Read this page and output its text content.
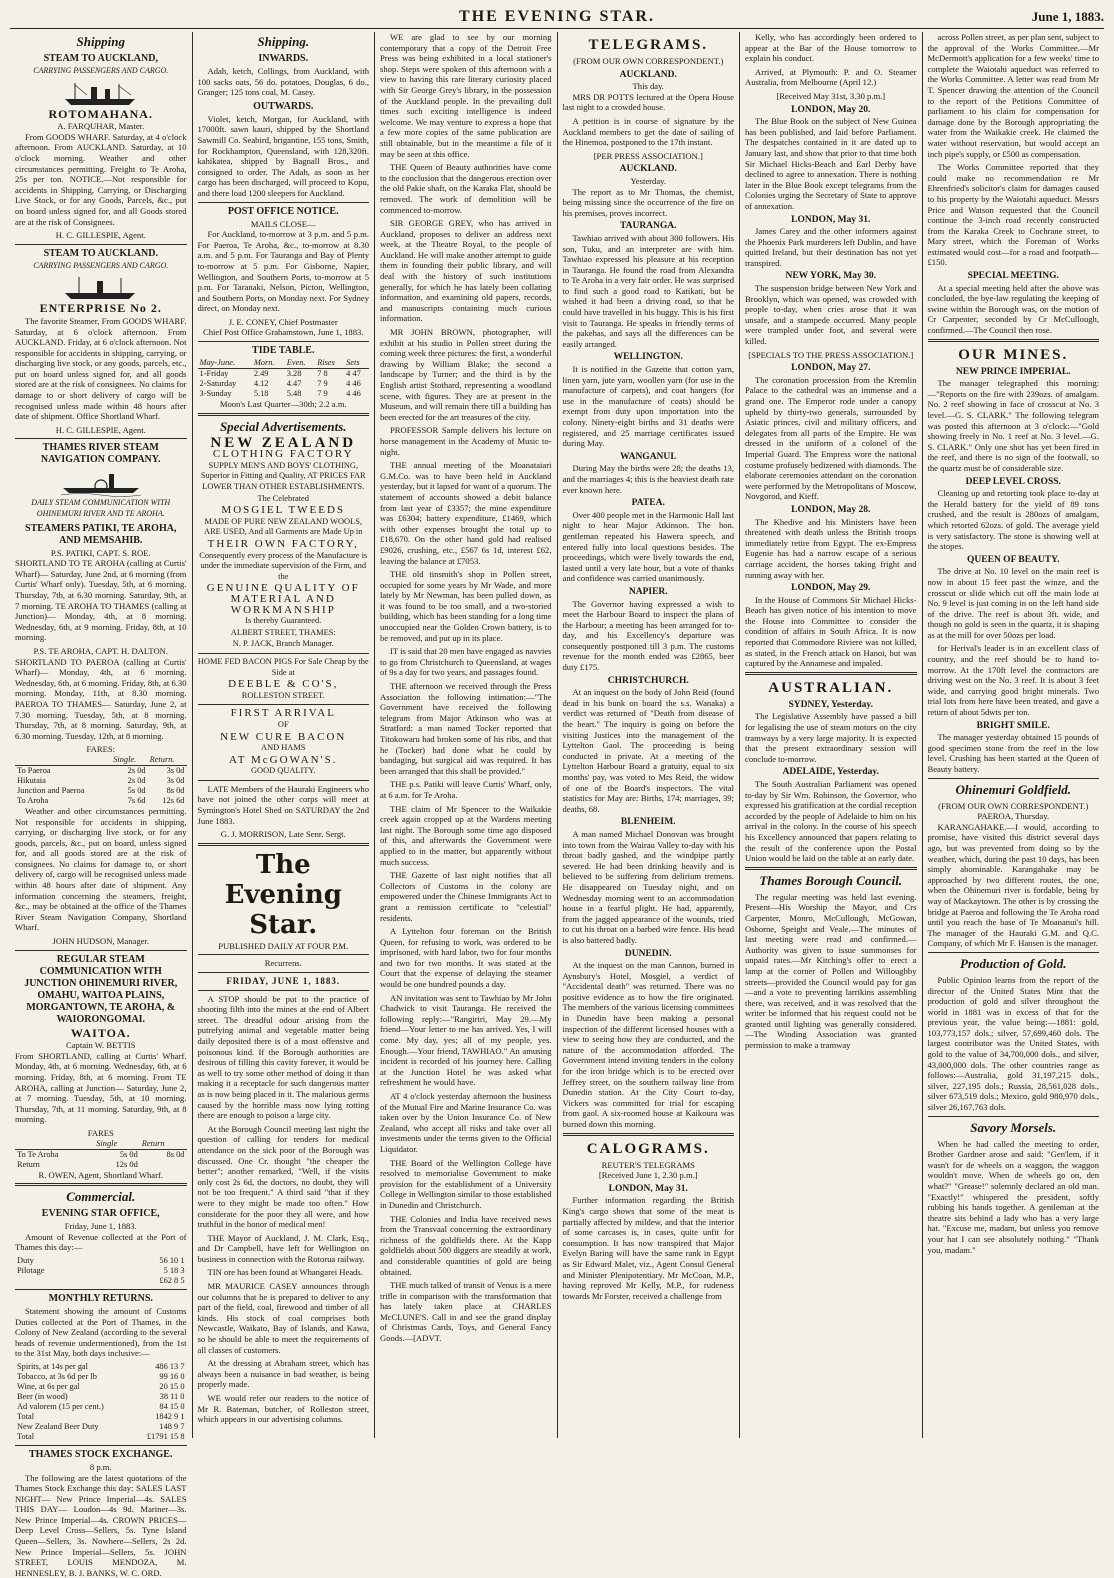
THE EVENING STAR.	June 1, 1883.
Shipping
STEAM TO AUCKLAND,
CARRYING PASSENGERS AND CARGO.
ROTOMAHANA.
A. FARQUHAR, Master.

From GOODS WHARF. Saturday, at 4 o'clock afternoon. From AUCKLAND. Saturday, at 10 o'clock morning. Weather and other circumstances permitting. Freight to Te Aroha, 25s per ton. NOTICE.—Not responsible for accidents in Shipping, Carrying, or Discharging Live Stock, or for any Goods, Parcels, &c., put on board unless signed for, and all Goods stored are at the risk of Consignees.

H. C. GILLESPIE, Agent.
STEAM TO AUCKLAND.
CARRYING PASSENGERS AND CARGO.
ENTERPRISE No 2.

The favorite Steamer, From GOODS WHARF. Saturday, at 6 o'clock afternoon. From AUCKLAND. Friday, at 6 o'clock afternoon. Not responsible for accidents in shipping, carrying, or discharging live stock, or any goods, parcels, etc., put on board unless signed for, and all goods stored are at the risk of consignees. No claims for damage to or short delivery of cargo will be recognised unless made within 48 hours after date of shipment. Office Shortland Wharf.

H. C. GILLESPIE, Agent.
THAMES RIVER STEAM NAVIGATION COMPANY.
DAILY STEAM COMMUNICATION WITH OHINEMURI RIVER AND TE AROHA.
STEAMERS PATIKI, TE AROHA, AND MEMSAHIB.
P.S. PATIKI, CAPT. S. ROE.

SHORTLAND TO TE AROHA (calling at Curtis' Wharf)— Saturday, June 2nd, at 6 morning (from Curtis' Wharf only). Tuesday, 5th, at 6 morning. Thursday, 7th, at 6.30 morning. Saturday, 9th, at 7 morning. TE AROHA TO THAMES (calling at Junction)— Monday, 4th, at 8 morning. Wednesday, 6th, at 9 morning. Friday, 8th, at 10 morning.

P.S. TE AROHA, CAPT. H. DALTON.

SHORTLAND TO PAEROA (calling at Curtis' Wharf)— Monday, 4th, at 6 morning. Wednesday, 6th, at 6 morning. Friday, 8th, at 6.30 morning. Monday, 11th, at 8.30 morning. PAEROA TO THAMES— Saturday, June 2, at 7.30 morning. Tuesday, 5th, at 8 morning. Thursday, 7th, at 8 morning. Saturday, 9th, at 6.30 morning. Tuesday, 12th, at 8 morning.

FARES:
	Single.	Return.
To Paeroa	2s 0d	3s 0d
Hikutaia	2s 0d	3s 0d
Junction and Paeroa	5s 0d	8s 0d
To Aroha	7s 6d	12s 6d

Weather and other circumstances permitting. Not responsible for accidents in shipping, carrying, or discharging live stock, or for any goods, parcels, &c., put on board, unless signed for, and all goods stored are at the risk of consignees. No claims for damage to, or short delivery of, cargo will be recognised unless made within 48 hours after date of shipment. Any information concerning the steamers, freight, &c., may be obtained at the office of the Thames River Steam Navigation Company, Shortland Wharf.

JOHN HUDSON, Manager.
REGULAR STEAM COMMUNICATION WITH JUNCTION OHINEMURI RIVER, OMAHU, WAITOA PLAINS, MORGANTOWN, TE AROHA, & WAIORONGOMAI.
WAITOA.
Captain W. BETTIS

From SHORTLAND, calling at Curtis' Wharf. Monday, 4th, at 6 morning. Wednesday, 6th, at 6 morning. Friday, 8th, at 6 morning. From TE AROHA, calling at Junction— Saturday, June 2, at 7 morning. Tuesday, 5th, at 10 morning. Thursday, 7th, at 11 morning. Saturday, 9th, at 8 morning.

FARES
	Single	Return
To Te Aroha	5s 0d	8s 0d
Return	12s 0d	
R. OWEN, Agent, Shortland Wharf.
Commercial.
EVENING STAR OFFICE,
Friday, June 1, 1883.

Amount of Revenue collected at the Port of Thames this day:—

Duty	56 10 1
Pilotage	5 18 3
	£62 8 5
MONTHLY RETURNS.

Statement showing the amount of Customs Duties collected at the Port of Thames, in the Colony of New Zealand (according to the several heads of revenue undermentioned), from the 1st to the 31st May, both days inclusive:—

Spirits, at 14s per gal	486 13 7
Tobacco, at 3s 6d per lb	99 16 0
Wine, at 6s per gal	20 15 0
Beer (in wood)	38 11 0
Ad valorem (15 per cent.)	84 15 0
Total	1842 9 1
New Zealand Beer Duty	148 9 7
Total	£1791 15 8
THAMES STOCK EXCHANGE.
8 p.m.

The following are the latest quotations of the Thames Stock Exchange this day: SALES LAST NIGHT— New Prince Imperial—4s. SALES THIS DAY— Loudon—4s 9d. Mariner—3s. New Prince Imperial—4s. CROWN PRICES— Deep Level Cross—Sellers, 5s. Tyne Island Queen—Sellers, 3s. Nowhere—Sellers, 2s 2d. New Prince Imperial—Sellers, 5s. JOHN STREET, LOUIS MENDOZA, M. HENNESLEY, B. J. BANKS, W. C. ORD.

Shipping.
INWARDS.

Adah, ketch, Collings, from Auckland, with 100 sacks oats, 56 do. potatoes, Douglas, 6 do., Granger; 125 tons coal, M. Casey.

OUTWARDS.

Violet, ketch, Morgan, for Auckland, with 17000ft. sawn kauri, shipped by the Shortland Sawmill Co. Seabird, brigantine, 155 tons, Smith, for Rockhampton, Queensland, with 128,320ft. kahikatea, shipped by Bagnall Bros., and consigned to order. The Adah, as soon as her cargo has been discharged, will proceed to Kopu, and there load 1200 sleepers for Auckland.

POST OFFICE NOTICE.
MAILS CLOSE—

For Auckland, to-morrow at 3 p.m. and 5 p.m. For Paeroa, Te Aroha, &c., to-morrow at 8.30 a.m. and 5 p.m. For Tauranga and Bay of Plenty to-morrow at 5 p.m. For Gisborne, Napier, Wellington, and Southern Ports, to-morrow at 5 p.m. For Taranaki, Nelson, Picton, Wellington, and Southern Ports, on Monday next. For Sydney direct, on Monday next.

J. E. CONEY, Chief Postmaster
Chief Post Office Grahamstown, June 1, 1883.
TIDE TABLE.
May-June.	Morn.	Even.	Rises	Sets
1-Friday	2.49	3.28	7 8	4 47
2-Saturday	4.12	4.47	7 9	4 46
3-Sunday	5.18	5.48	7 9	4 46
Moon's Last Quarter—30th; 2.2 a.m.
Special Advertisements.
NEW ZEALAND
CLOTHING FACTORY
SUPPLY MEN'S AND BOYS' CLOTHING, Superior in Fitting and Quality, AT PRICES FAR LOWER THAN OTHER ESTABLISHMENTS.
The Celebrated
MOSGIEL TWEEDS
MADE OF PURE NEW ZEALAND WOOLS, ARE USED, And all Garments are Made Up in
THEIR OWN FACTORY,
Consequently every process of the Manufacture is under the immediate supervision of the Firm, and the
GENUINE QUALITY OF MATERIAL AND WORKMANSHIP
Is thereby Guaranteed.
ALBERT STREET, THAMES:
N. P. JACK, Branch Manager.
HOME FED BACON PIGS For Sale Cheap by the Side at
DEEBLE & CO'S,
ROLLESTON STREET.
FIRST ARRIVAL
OF
NEW CURE BACON
AND HAMS
AT McGOWAN'S.
GOOD QUALITY.

LATE Members of the Hauraki Engineers who have not joined the other corps will meet at Symington's Hotel Shed on SATURDAY the 2nd June 1883.

G. J. MORRISON, Late Senr. Sergt.
The Evening Star.
PUBLISHED DAILY AT FOUR P.M.
Recurrens.
FRIDAY, JUNE 1, 1883.

A STOP should be put to the practice of shooting filth into the mines at the end of Albert street. The dreadful odour arising from the putrefying animal and vegetable matter being daily deposited there is of a most offensive and poisonous kind. If the Borough authorities are desirous of filling this cavity forever, it would be as well to try some other method of doing it than making it a receptacle for such dangerous matter as is now being placed in it. The malarious germs caused by the horrible mass now lying rotting there are enough to poison a large city.

At the Borough Council meeting last night the question of calling for tenders for medical attendance on the sick poor of the Borough was discussed. One Cr. thought "the cheaper the better"; another remarked, "Well, if the visits only cost 2s 6d, the doctors, no doubt, they will not be too frequent." A third said "that if they were to they might be made too often." How considerate for the poor they all were, and how truthful in the honor of medical men!

THE Mayor of Auckland, J. M. Clark, Esq., and Dr Campbell, have left for Wellington on business in connection with the Rotorua railway.

TIN ore has been found at Whangarei Heads.

MR MAURICE CASEY announces through our columns that he is prepared to deliver to any part of the field, coal, firewood and timber of all kinds. His stock of coal comprises both Newcastle, Waikato, Bay of Islands, and Kawa, so he should be able to meet the requirements of all classes of customers.

At the dressing at Abraham street, which has always been a nuisance in bad weather, is being properly made.

WE would refer our readers to the notice of Mr R. Bateman, butcher, of Rolleston street, which appears in our advertising columns.

WE are glad to see by our morning contemporary that a copy of the Detroit Free Press was being exhibited in a local stationer's shop. Steps were spoken of this afternoon with a view to having this rare literary curiosity placed with Sir George Grey's library, in the possession of the Auckland people. In the prevailing dull times such exciting intelligence is indeed welcome. We may venture to express a hope that a few more copies of the same publication are still obtainable, but in the meantime a file of it may be seen at this office.

THE Queen of Beauty authorities have come to the conclusion that the dangerous erection over the old Pakie shaft, on the Karaka Flat, should be removed. The work of demolition will be commenced to-morrow.

SIR GEORGE GREY, who has arrived in Auckland, proposes to deliver an address next week, at the Theatre Royal, to the people of Auckland. He will make another attempt to guide them in founding their public library, and will deal with the history of such institutions generally, for which he has lately been collating information, and examining old papers, records, and manuscripts containing much curious information.

MR JOHN BROWN, photographer, will exhibit at his studio in Pollen street during the coming week three pictures: the first, a wonderful drawing by William Blake; the second a landscape by Turner; and the third is by the English artist Stothard, representing a woodland scene, with figures. They are at present in the Museum, and will remain there till a building has been erected for the art treasures of the city.

PROFESSOR Sample delivers his lecture on horse management in the Academy of Music to-night.

THE annual meeting of the Moanataiari G.M.Co. was to have been held in Auckland yesterday, but it lapsed for want of a quorum. The statement of accounts showed a debit balance from last year of £3357; the mine expenditure was £6304; battery expenditure, £1469, which with other expenses brought the total up to £18,670. On the other hand gold had realised £9026, crushing, etc., £567 6s 1d, interest £62, leaving the balance at £7053.

THE old tinsmith's shop in Pollen street, occupied for some years by Mr Wade, and more lately by Mr Newman, has been pulled down, as it was found to be too small, and a two-storied building, which has been standing for a long time unoccupied near the Golden Crown battery, is to be removed, and put up in its place.

IT is said that 20 men have engaged as navvies to go from Christchurch to Queensland, at wages of 9s a day for two years, and passages found.

THE afternoon we received through the Press Association the following intimation:—"The Government have received the following telegram from Major Atkinson who was at Stratford: a man named Tocker reported that Titokowaru had broken some of his ribs, and that he (Tocker) had done what he could by bandaging, but surgical aid was required. It has been arranged that this shall be provided."

THE p.s. Patiki will leave Curtis' Wharf, only, at 6 a.m. for Te Aroha.

THE claim of Mr Spencer to the Waikakie creek again cropped up at the Wardens meeting last night. The Borough some time ago disposed of this, and afterwards the Government were applied to in the matter, but apparently without much success.

THE Gazette of last night notifies that all Collectors of Customs in the colony are empowered under the Chinese Immigrants Act to grant a remission certificate to "celestial" residents.

A Lyttelton four foreman on the British Queen, for refusing to work, was ordered to be imprisoned, with hard labor, two for four months and two for two months. It was stated at the Court that the expense of delaying the steamer would be one hundred pounds a day.

AN invitation was sent to Tawhiao by Mr John Chadwick to visit Tauranga. He received the following reply:—"Rangiriri, May 29.—My friend—Your letter to me has arrived. Yes, I will come. My day, yes; all of my people, yes. Enough.—Your friend, TAWHIAO." An amusing incident is recorded of his journey here. Calling at the Junction Hotel he was asked what refreshment he would have.

AT 4 o'clock yesterday afternoon the business of the Mutual Fire and Marine Insurance Co. was taken over by the Union Insurance Co. of New Zealand, who accept all risks and take over all investments under the terms given to the Official Liquidator.

THE Board of the Wellington College have resolved to memorialise Government to make provision for the establishment of a University College in Wellington similar to those established in Dunedin and Christchurch.

THE Colonies and India have received news from the Transvaal concerning the extraordinary richness of the goldfields there. At the Kapp goldfields about 500 diggers are steadily at work, and considerable quantities of gold are being obtained.

THE much talked of transit of Venus is a mere trifle in comparison with the transformation that has lately taken place at CHARLES McCLUNE'S. Call in and see the grand display of Christmas Cards, Toys, and General Fancy Goods.—[ADVT.

TELEGRAMS.
(FROM OUR OWN CORRESPONDENT.)
AUCKLAND.
This day.

MRS DR POTTS lectured at the Opera House last night to a crowded house.

A petition is in course of signature by the Auckland members to get the date of sailing of the Hinemoa, postponed to the 17th instant.

[PER PRESS ASSOCIATION.]
AUCKLAND.
Yesterday.

The report as to Mr Thomas, the chemist, being missing since the occurrence of the fire on his premises, proves incorrect.

TAURANGA.

Tawhiao arrived with about 300 followers. His son, Tuku, and an interpreter are with him. Tawhiao expressed his pleasure at his reception in Tauranga. He found the road from Alexandra to Te Aroha in a very fair order. He was surprised to find such a good road to Katikati, but he wished it had been a driving road, so that he could have travelled in his buggy. This is his first visit to Tauranga. He speaks in friendly terms of the pakehas, and says all the differences can be easily arranged.

WELLINGTON.

It is notified in the Gazette that cotton yarn, linen yarn, jute yarn, woollen yarn (for use in the manufacture of carpets), and coat hangers (for use in the manufacture of coats) should be exempt from duty upon importation into the colony. Ninety-eight births and 31 deaths were registered, and 25 marriage certificates issued during May.

WANGANUI.

During May the births were 28; the deaths 13, and the marriages 4; this is the heaviest death rate ever known here.

PATEA.

Over 400 people met in the Harmonic Hall last night to hear Major Atkinson. The hon. gentleman repeated his Hawera speech, and entered fully into local questions besides. The proceedings, which were lively towards the end, lasted until a very late hour, but a vote of thanks and confidence was carried unanimously.

NAPIER.

The Governor having expressed a wish to meet the Harbour Board to inspect the plans of the Harbour; a meeting has been arranged for to-day, and his Excellency's departure was consequently postponed till 3 p.m. The customs revenue for the month ended was £2865, beer duty £175.

CHRISTCHURCH.

At an inquest on the body of John Reid (found dead in his bunk on board the s.s. Wanaka) a verdict was returned of "Death from disease of the heart." The inquiry is going on before the visiting Justices into the management of the Lyttelton Gaol. The proceeding is being conducted in private. At a meeting of the Lyttelton Harbour Board a gratuity, equal to six months' pay, was voted to Mrs Reid, the widow of one of the Board's inspectors. The vital statistics for May are: Births, 174; marriages, 39; deaths, 68.

BLENHEIM.

A man named Michael Donovan was brought into town from the Wairau Valley to-day with his throat badly gashed, and the windpipe partly severed. He had been drinking heavily and is believed to be suffering from delirium tremens. He disappeared on Tuesday night, and on Wednesday morning went to an accommodation house in a fearful plight. He had, apparently, from the jagged appearance of the wounds, tried to cut his throat on a barbed wire fence. His head is also battered badly.

DUNEDIN.

At the inquest on the man Cannon, burned in Aynsbury's Hotel, Mosgiel, a verdict of "Accidental death" was returned. There was no positive evidence as to how the fire originated. The members of the various licensing committees in Dunedin have been making a personal inspection of the different licensed houses with a view to seeing how they are conducted, and the nature of the accommodation afforded. The Government intend inviting tenders in the colony for the iron bridge which is to be erected over Jeffrey street, on the southern railway line from Dunedin station. At the City Court to-day, Vickers was committed for trial for escaping from gaol. A six-roomed house at Kaikoura was burned down this morning.

CALOGRAMS.
REUTER'S TELEGRAMS
[Received June 1, 2.30 p.m.]
LONDON, May 31.

Further information regarding the British King's cargo shows that some of the meat is partially affected by mildew, and that the interior of some carcases is, in cases, quite unfit for consumption. It has now transpired that Major Evelyn Baring will have the same rank in Egypt as Sir Edward Malet, viz., Agent Consul General and Minister Plenipotentiary. Mr McCoan, M.P., having reproved Mr Kelly, M.P., for rudeness towards Mr Forster, received a challenge from

Kelly, who has accordingly been ordered to appear at the Bar of the House tomorrow to explain his conduct.

Arrived, at Plymouth: P. and O. Steamer Australia, from Melbourne (April 12.)

[Received May 31st, 3.30 p.m.]
LONDON, May 20.

The Blue Book on the subject of New Guinea has been published, and laid before Parliament. The despatches contained in it are dated up to January last, and show that prior to that time both Sir Michael Hicks-Beach and Earl Derby have declined to agree to annexation. There is nothing later in the Blue Book except telegrams from the Colonies urging the Secretary of State to approve of annexation.

LONDON, May 31.

James Carey and the other informers against the Phoenix Park murderers left Dublin, and have quitted Ireland, but their destination has not yet transpired.

NEW YORK, May 30.

The suspension bridge between New York and Brooklyn, which was opened, was crowded with people to-day, when cries arose that it was unsafe, and a stampede occurred. Many people were trampled under foot, and several were killed.

[SPECIALS TO THE PRESS ASSOCIATION.]
LONDON, May 27.

The coronation procession from the Kremlin Palace to the cathedral was an immense and a grand one. The Emperor rode under a canopy upheld by thirty-two generals, surrounded by Asiatic princes, civil and military officers, and delegates from all parts of the Empire. He was dressed in the uniform of a colonel of the Imperial Guard. The Empress wore the national costume profusely bedizened with diamonds. The elaborate ceremonies attendant on the coronation were performed by the Metropolitans of Moscow, Novgorod, and Kieff.

LONDON, May 28.

The Khedive and his Ministers have been threatened with death unless the British troops immediately retire from Egypt. The ex-Empress Eugenie has had a narrow escape of a serious carriage accident, the horses taking fright and running away with her.

LONDON, May 29.

In the House of Commons Sir Michael Hicks-Beach has given notice of his intention to move the House into Committee to consider the condition of affairs in South Africa. It is now reported that Commodore Riviere was not killed, as stated, in the French attack on Hanoi, but was captured by the Annamese and impaled.

AUSTRALIAN.
SYDNEY, Yesterday.

The Legislative Assembly have passed a bill for legalising the use of steam motors on the city tramways by a very large majority. It is expected that the present extraordinary session will conclude to-morrow.

ADELAIDE, Yesterday.

The South Australian Parliament was opened to-day by Sir Wm. Robinson, the Governor, who expressed his gratification at the cordial reception accorded by the people of Adelaide to him on his arrival in the colony. In the course of his speech his Excellency announced that papers relating to the result of the conference upon the Postal Union would be laid on the table at an early date.

Thames Borough Council.

The regular meeting was held last evening. Present—His Worship the Mayor, and Crs Carpenter, Monro, McCullough, McGowan, Osborne, Speight and Veale.—The minutes of last meeting were read and confirmed.—Authority was given to issue summonses for unpaid rates.—Mr Kitching's offer to erect a lamp at the corner of Pollen and Willoughby streets—provided the Council would pay for gas—and a vote to preventing larrikins assembling there, was received, and it was resolved that the writer be informed that his request could not be granted until lighting was generally considered.—The Winding Association was granted permission to make a tramway

across Pollen street, as per plan sent, subject to the approval of the Works Committee.—Mr McDermott's application for a few weeks' time to complete the Waiotahi aqueduct was referred to the Works Committee. A letter was read from Mr T. Spencer drawing the attention of the Council to the report of the Petitions Committee of parliament to his claim for compensation for damage done by the Borough appropriating the water from the Waikakie creek. He claimed the water without reservation, but would accept an inch pipe's supply, or £500 as compensation.

The Works Committee reported that they could make no recommendation re Mr Ehrenfried's solicitor's claim for damages caused to his property by the Waiotahi aqueduct. Messrs Price and Watson requested that the Council continue the 3-inch road recently constructed from the Karaka Creek to Cochrane street, to Mary street, which the Foreman of Works estimated would cost—for a road and footpath—£150.

SPECIAL MEETING.

At a special meeting held after the above was concluded, the bye-law regulating the keeping of swine within the Borough was, on the motion of Cr Carpenter, seconded by Cr McCullough, confirmed.—The Council then rose.

OUR MINES.
NEW PRINCE IMPERIAL.

The manager telegraphed this morning:—"Reports on the fire with 239ozs. of amalgam. No. 2 reef showing in face of crosscut at No. 3 level.—G. S. CLARK." The following telegram was posted this afternoon at 3 o'clock:—"Gold showing freely in No. 1 reef at No. 3 level.—G. S. CLARK." Only one shot has yet been fired in the reef, and there is no sign of the footwall, so the quartz must be of considerable size.

DEEP LEVEL CROSS.

Cleaning up and retorting took place to-day at the Herald battery for the yield of 89 tons crushed, and the result is 280ozs of amalgam, which retorted 62ozs. of gold. The average yield is very satisfactory. The stone is showing well at the stopes.

QUEEN OF BEAUTY.

The drive at No. 10 level on the main reef is now in about 15 feet past the winze, and the crosscut or slide which cut off the main lode at No. 9 level is just coming in on the left hand side of the drive. The reef is about 3ft. wide, and though no gold is seen in the quartz, it is shaping as at the mill for over 50ozs per load.

for Herival's leader is in an excellent class of country, and the reef should be to hand to-morrow. At the 170ft level the contractors are driving west on the No. 3 reef. It is about 3 feet wide, and carrying good bright minerals. Two trial lots from here have been treated, and gave a return of about 5dwts per ton.

BRIGHT SMILE.

The manager yesterday obtained 15 pounds of good specimen stone from the reef in the low level. Crushing has been started at the Queen of Beauty battery.

Ohinemuri Goldfield.
(FROM OUR OWN CORRESPONDENT.)
PAEROA, Thursday.

KARANGAHAKE.—I would, according to promise, have visited this district several days ago, but was prevented from doing so by the weather, which, during the past 10 days, has been simply abominable. Karangahake may be approached by two different routes, the one, when the Ohinemuri river is fordable, being by way of Mackaytown. The other is by crossing the bridge at Paeroa and following the Te Aroha road until you reach the base of Te Moananui's hill. The manager of the Hauraki G.M. and Q.C. Company, of which Mr F. Hansen is the manager.

Production of Gold.

Public Opinion learns from the report of the director of the United States Mint that the production of gold and silver throughout the world in 1881 was in excess of that for the previous year, the value being:—1881: gold, 103,773,157 dols.; silver, 57,699,460 dols. The largest contributor was the United States, with gold to the value of 34,700,000 dols., and silver, 43,000,000 dols. The other countries range as follows:—Australia, gold 31,197,215 dols., silver, 227,195 dols.; Russia, 28,561,028 dols., silver 673,519 dols.; Mexico, gold 980,970 dols., silver 26,167,763 dols.

Savory Morsels.

When he had called the meeting to order, Brother Gardner arose and said: "Gen'lem, if it wasn't for de wheels on a waggon, the waggon wouldn't move. When de wheels go on, den what?" "Grease!" solemnly declared an old man. "Exactly!" whispered the president, softly rubbing his hands together. A gentleman at the theatre sits behind a lady who has a very large hat. "Excuse me, madam, but unless you remove your hat I can see absolutely nothing." "Thank you, madam."
